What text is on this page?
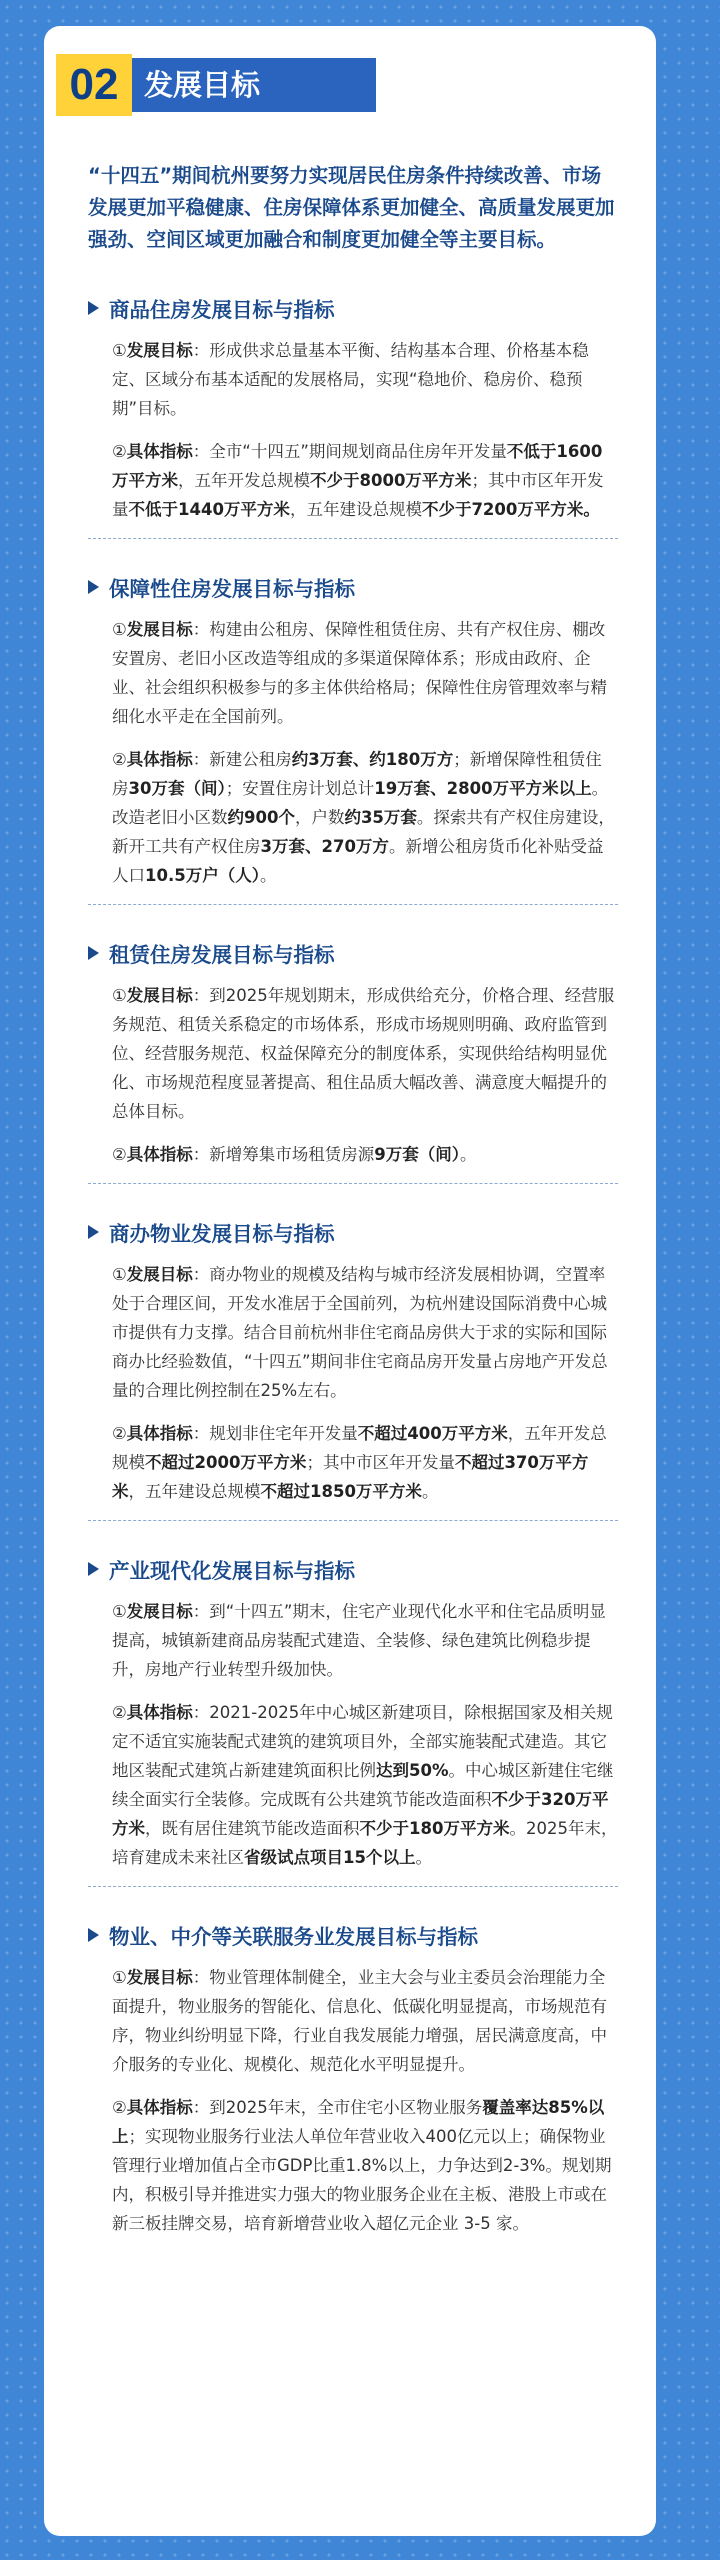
“十四五”期间杭州要努力实现居民住房条件持续改善、市场发展更加平稳健康、住房保障体系更加健全、高质量发展更加强劲、空间区域更加融合和制度更加健全等主要目标。
商品住房发展目标与指标
①发展目标：形成供求总量基本平衡、结构基本合理、价格基本稳定、区域分布基本适配的发展格局，实现“稳地价、稳房价、稳预期”目标。
②具体指标：全市“十四五”期间规划商品住房年开发量不低于1600万平方米，五年开发总规模不少于8000万平方米；其中市区年开发量不低于1440万平方米，五年建设总规模不少于7200万平方米。
保障性住房发展目标与指标
①发展目标：构建由公租房、保障性租赁住房、共有产权住房、棚改安置房、老旧小区改造等组成的多渠道保障体系；形成由政府、企业、社会组织积极参与的多主体供给格局；保障性住房管理效率与精细化水平走在全国前列。
②具体指标：新建公租房约3万套、约180万方；新增保障性租赁住房30万套（间）；安置住房计划总计19万套、2800万平方米以上。改造老旧小区数约900个，户数约35万套。探索共有产权住房建设，新开工共有产权住房3万套、270万方。新增公租房货币化补贴受益人口10.5万户（人）。
租赁住房发展目标与指标
①发展目标：到2025年规划期末，形成供给充分，价格合理、经营服务规范、租赁关系稳定的市场体系，形成市场规则明确、政府监管到位、经营服务规范、权益保障充分的制度体系，实现供给结构明显优化、市场规范程度显著提高、租住品质大幅改善、满意度大幅提升的总体目标。
②具体指标：新增筹集市场租赁房源9万套（间）。
商办物业发展目标与指标
①发展目标：商办物业的规模及结构与城市经济发展相协调，空置率处于合理区间，开发水准居于全国前列，为杭州建设国际消费中心城市提供有力支撑。结合目前杭州非住宅商品房供大于求的实际和国际商办比经验数值，“十四五”期间非住宅商品房开发量占房地产开发总量的合理比例控制在25%左右。
②具体指标：规划非住宅年开发量不超过400万平方米，五年开发总规模不超过2000万平方米；其中市区年开发量不超过370万平方米，五年建设总规模不超过1850万平方米。
产业现代化发展目标与指标
①发展目标：到“十四五”期末，住宅产业现代化水平和住宅品质明显提高，城镇新建商品房装配式建造、全装修、绿色建筑比例稳步提升，房地产行业转型升级加快。
②具体指标：2021-2025年中心城区新建项目，除根据国家及相关规定不适宜实施装配式建筑的建筑项目外，全部实施装配式建造。其它地区装配式建筑占新建建筑面积比例达到50%。中心城区新建住宅继续全面实行全装修。完成既有公共建筑节能改造面积不少于320万平方米，既有居住建筑节能改造面积不少于180万平方米。2025年末，培育建成未来社区省级试点项目15个以上。
物业、中介等关联服务业发展目标与指标
①发展目标：物业管理体制健全，业主大会与业主委员会治理能力全面提升，物业服务的智能化、信息化、低碳化明显提高，市场规范有序，物业纠纷明显下降，行业自我发展能力增强，居民满意度高，中介服务的专业化、规模化、规范化水平明显提升。
②具体指标：到2025年末，全市住宅小区物业服务覆盖率达85%以上；实现物业服务行业法人单位年营业收入400亿元以上；确保物业管理行业增加值占全市GDP比重1.8%以上，力争达到2-3%。规划期内，积极引导并推进实力强大的物业服务企业在主板、港股上市或在新三板挂牌交易，培育新增营业收入超亿元企业 3-5 家。
02 发展目标
